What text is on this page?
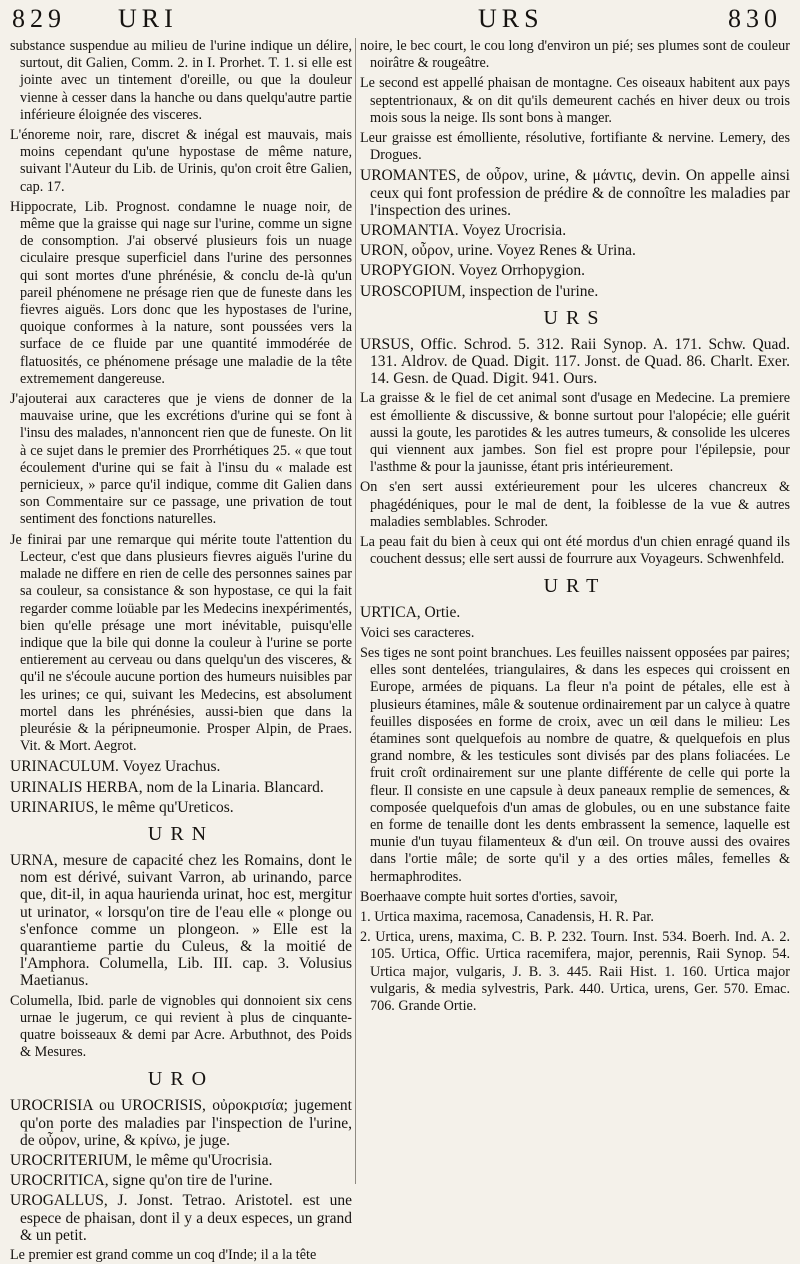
829 URI	URS	830
substance suspendue au milieu de l'urine indique un délire, surtout, dit Galien, Comm. 2. in I. Prorhet. T. 1. si elle est jointe avec un tintement d'oreille, ou que la douleur vienne à cesser dans la hanche ou dans quelqu'autre partie inférieure éloignée des visceres.
L'énoreme noir, rare, discret & inégal est mauvais, mais moins cependant qu'une hypostase de même nature, suivant l'Auteur du Lib. de Urinis, qu'on croit être Galien, cap. 17.
Hippocrate, Lib. Prognost. condamne le nuage noir, de même que la graisse qui nage sur l'urine, comme un signe de consomption. J'ai observé plusieurs fois un nuage ciculaire presque superficiel dans l'urine des personnes qui sont mortes d'une phrénésie, & conclu de-là qu'un pareil phénomene ne présage rien que de funeste dans les fievres aiguës. Lors donc que les hypostases de l'urine, quoique conformes à la nature, sont poussées vers la surface de ce fluide par une quantité immodérée de flatuosités, ce phénomene présage une maladie de la tête extremement dangereuse.
J'ajouterai aux caracteres que je viens de donner de la mauvaise urine, que les excrétions d'urine qui se font à l'insu des malades, n'annoncent rien que de funeste. On lit à ce sujet dans le premier des Prorrhétiques 25. « que tout écoulement d'urine qui se fait à l'insu du « malade est pernicieux, » parce qu'il indique, comme dit Galien dans son Commentaire sur ce passage, une privation de tout sentiment des fonctions naturelles.
Je finirai par une remarque qui mérite toute l'attention du Lecteur, c'est que dans plusieurs fievres aiguës l'urine du malade ne differe en rien de celle des personnes saines par sa couleur, sa consistance & son hypostase, ce qui la fait regarder comme loüable par les Medecins inexpérimentés, bien qu'elle présage une mort inévitable, puisqu'elle indique que la bile qui donne la couleur à l'urine se porte entierement au cerveau ou dans quelqu'un des visceres, & qu'il ne s'écoule aucune portion des humeurs nuisibles par les urines; ce qui, suivant les Medecins, est absolument mortel dans les phrénésies, aussi-bien que dans la pleurésie & la péripneumonie. Prosper Alpin, de Praes. Vit. & Mort. Aegrot.
URINACULUM. Voyez Urachus.
URINALIS HERBA, nom de la Linaria. Blancard.
URINARIUS, le même qu'Ureticos.
URN
URNA, mesure de capacité chez les Romains, dont le nom est dérivé, suivant Varron, ab urinando, parce que, dit-il, in aqua haurienda urinat, hoc est, mergitur ut urinator, « lorsqu'on tire de l'eau elle « plonge ou s'enfonce comme un plongeon. » Elle est la quarantieme partie du Culeus, & la moitié de l'Amphora. Columella, Lib. III. cap. 3. Volusius Maetianus.
Columella, Ibid. parle de vignobles qui donnoient six cens urnae le jugerum, ce qui revient à plus de cinquante-quatre boisseaux & demi par Acre. Arbuthnot, des Poids & Mesures.
URO
UROCRISIA ou UROCRISIS, οὐροκρισία; jugement qu'on porte des maladies par l'inspection de l'urine, de οὖρον, urine, & κρίνω, je juge.
UROCRITERIUM, le même qu'Urocrisia.
UROCRITICA, signe qu'on tire de l'urine.
UROGALLUS, J. Jonst. Tetrao. Aristotel. est une espece de phaisan, dont il y a deux especes, un grand & un petit.
Le premier est grand comme un coq d'Inde; il a la tête
noire, le bec court, le cou long d'environ un pié; ses plumes sont de couleur noirâtre & rougeâtre.
Le second est appellé phaisan de montagne. Ces oiseaux habitent aux pays septentrionaux, & on dit qu'ils demeurent cachés en hiver deux ou trois mois sous la neige. Ils sont bons à manger.
Leur graisse est émolliente, résolutive, fortifiante & nervine. Lemery, des Drogues.
UROMANTES, de οὖρον, urine, & μάντις, devin. On appelle ainsi ceux qui font profession de prédire & de connoître les maladies par l'inspection des urines.
UROMANTIA. Voyez Urocrisia.
URON, οὖρον, urine. Voyez Renes & Urina.
UROPYGION. Voyez Orrhopygion.
UROSCOPIUM, inspection de l'urine.
URS
URSUS, Offic. Schrod. 5. 312. Raii Synop. A. 171. Schw. Quad. 131. Aldrov. de Quad. Digit. 117. Jonst. de Quad. 86. Charlt. Exer. 14. Gesn. de Quad. Digit. 941. Ours.
La graisse & le fiel de cet animal sont d'usage en Medecine. La premiere est émolliente & discussive, & bonne surtout pour l'alopécie; elle guérit aussi la goute, les parotides & les autres tumeurs, & consolide les ulceres qui viennent aux jambes. Son fiel est propre pour l'épilepsie, pour l'asthme & pour la jaunisse, étant pris intérieurement.
On s'en sert aussi extérieurement pour les ulceres chancreux & phagédéniques, pour le mal de dent, la foiblesse de la vue & autres maladies semblables. Schroder.
La peau fait du bien à ceux qui ont été mordus d'un chien enragé quand ils couchent dessus; elle sert aussi de fourrure aux Voyageurs. Schwenhfeld.
URT
URTICA, Ortie.
Voici ses caracteres.
Ses tiges ne sont point branchues. Les feuilles naissent opposées par paires; elles sont dentelées, triangulaires, & dans les especes qui croissent en Europe, armées de piquans. La fleur n'a point de pétales, elle est à plusieurs étamines, mâle & soutenue ordinairement par un calyce à quatre feuilles disposées en forme de croix, avec un œil dans le milieu: Les étamines sont quelquefois au nombre de quatre, & quelquefois en plus grand nombre, & les testicules sont divisés par des plans foliacées. Le fruit croît ordinairement sur une plante différente de celle qui porte la fleur. Il consiste en une capsule à deux paneaux remplie de semences, & composée quelquefois d'un amas de globules, ou en une substance faite en forme de tenaille dont les dents embrassent la semence, laquelle est munie d'un tuyau filamenteux & d'un œil. On trouve aussi des ovaires dans l'ortie mâle; de sorte qu'il y a des orties mâles, femelles & hermaphrodites.
Boerhaave compte huit sortes d'orties, savoir,
1. Urtica maxima, racemosa, Canadensis, H. R. Par.
2. Urtica, urens, maxima, C. B. P. 232. Tourn. Inst. 534. Boerh. Ind. A. 2. 105. Urtica, Offic. Urtica racemifera, major, perennis, Raii Synop. 54. Urtica major, vulgaris, J. B. 3. 445. Raii Hist. 1. 160. Urtica major vulgaris, & media sylvestris, Park. 440. Urtica, urens, Ger. 570. Emac. 706. Grande Ortie.
